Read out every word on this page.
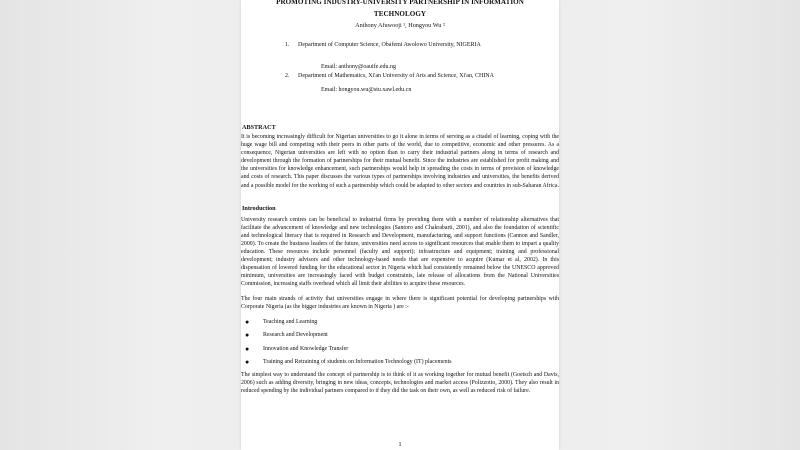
PROMOTING INDUSTRY-UNIVERSITY PARTNERSHIP IN INFORMATION

TECHNOLOGY

Anthony Afuwooji ¹, Hongyou Wu ²
1. Department of Computer Science, Obafemi Awolowo University, NIGERIA
Email: anthony@oauife.edu.ng
2. Department of Mathematics, Xi'an University of Arts and Science, Xi'an, CHINA
Email: hongyou.wu@stu.xawl.edu.cn

ABSTRACT

It is becoming increasingly difficult for Nigerian universities to go it alone in terms of serving as a citadel of learning, coping with the huge wage bill and competing with their peers in other parts of the world, due to competitive, economic and other pressures. As a consequence, Nigerian universities are left with no option than to carry their industrial partners along in terms of research and development through the formation of partnerships for their mutual benefit. Since the industries are established for profit making and the universities for knowledge enhancement, such partnerships would help in spreading the costs in terms of provision of knowledge and costs of research. This paper discusses the various types of partnerships involving industries and universities, the benefits derived and a possible model for the working of such a partnership which could be adapted to other sectors and countries in sub-Saharan Africa.

Introduction

University research centres can be beneficial to industrial firms by providing them with a number of relationship alternatives that facilitate the advancement of knowledge and new technologies (Santoro and Chakrabarti, 2001), and also the foundation of scientific and technological literacy that is required in Research and Development, manufacturing, and support functions (Cannon and Sandler, 2000). To create the business leaders of the future, universities need access to significant resources that enable them to impart a quality education. These resources include personnel (faculty and support); infrastructure and equipment; training and professional development; industry advisors and other technology-based needs that are expensive to acquire (Kumar et al, 2002). In this dispensation of lowered funding for the educational sector in Nigeria which had consistently remained below the UNESCO approved minimum, universities are increasingly faced with budget constraints, late release of allocations from the National Universities Commission, increasing staffs overhead which all limit their abilities to acquire these resources.

The four main strands of activity that universities engage in where there is significant potential for developing partnerships with Corporate Nigeria (as the bigger industries are known in Nigeria ) are :-

● Teaching and Learning
● Research and Development
● Innovation and Knowledge Transfer
● Training and Retraining of students on Information Technology (IT) placements

The simplest way to understand the concept of partnership is to think of it as working together for mutual benefit (Goetsch and Davis, 2006) such as adding diversity, bringing in new ideas, concepts, technologies and market access (Polizzotto, 2000). They also result in reduced spending by the individual partners compared to if they did the task on their own, as well as reduced risk of failure.

1
